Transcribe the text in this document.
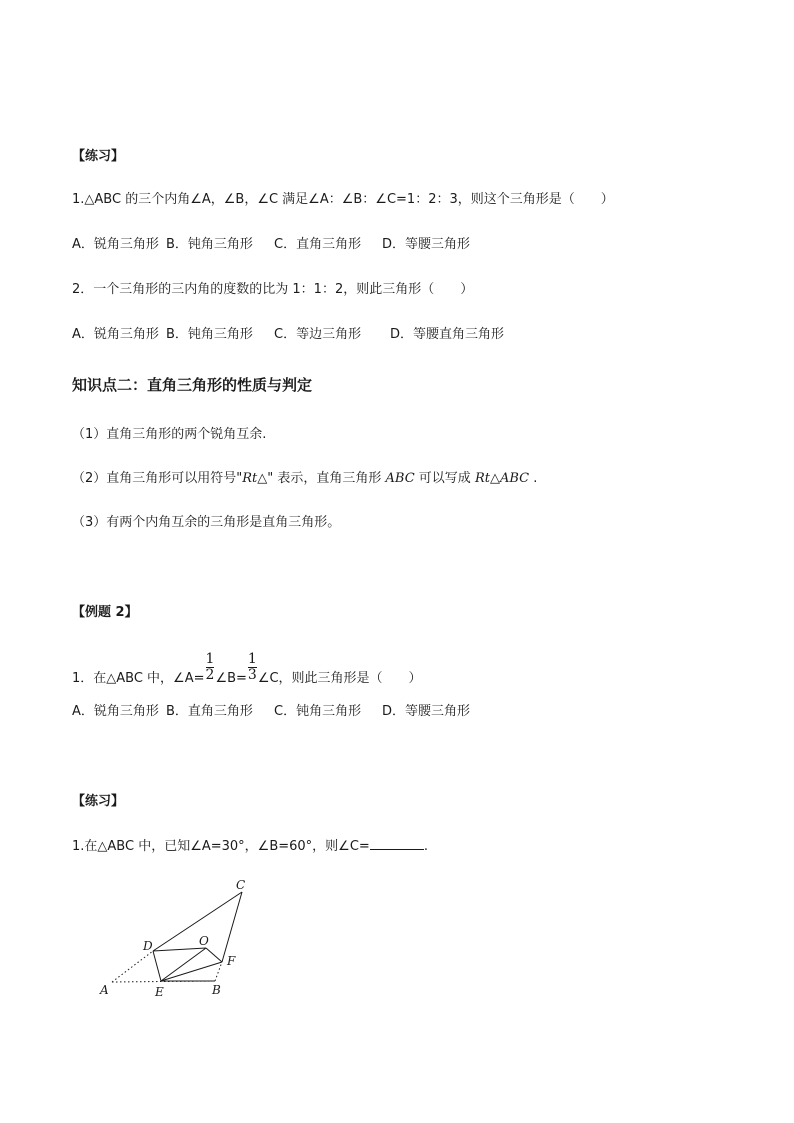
【练习】
1.△ABC 的三个内角∠A，∠B，∠C 满足∠A：∠B：∠C=1：2：3，则这个三角形是（　　）
A．锐角三角形 B．钝角三角形 C．直角三角形 D．等腰三角形
2．一个三角形的三内角的度数的比为 1：1：2，则此三角形（　　）
A．锐角三角形 B．钝角三角形 C．等边三角形 D．等腰直角三角形
知识点二：直角三角形的性质与判定
（1）直角三角形的两个锐角互余.
（2）直角三角形可以用符号"Rt△" 表示，直角三角形 ABC 可以写成 Rt△ABC .
（3）有两个内角互余的三角形是直角三角形。
【例题 2】
1．在△ABC 中，∠A= $\frac{1}{2}$ ∠B= $\frac{1}{3}$ ∠C，则此三角形是（　　）
A．锐角三角形 B．直角三角形 C．钝角三角形 D．等腰三角形
【练习】
1.在△ABC 中，已知∠A=30°，∠B=60°，则∠C=	.
A	B
C
D
E
F
O
